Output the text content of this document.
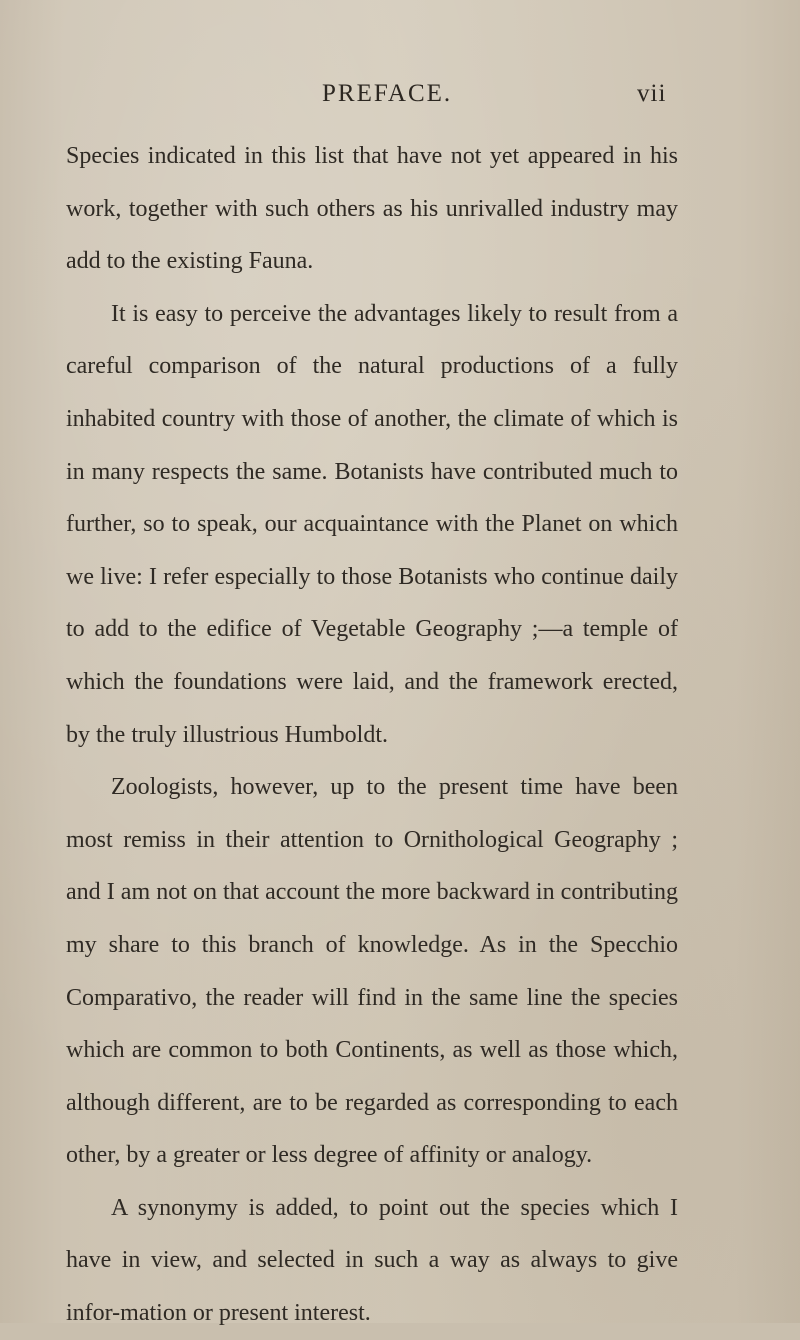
PREFACE.	vii

Species indicated in this list that have not yet appeared in his work, together with such others as his unrivalled industry may add to the existing Fauna.

It is easy to perceive the advantages likely to result from a careful comparison of the natural productions of a fully inhabited country with those of another, the climate of which is in many respects the same. Botanists have contributed much to further, so to speak, our acquaintance with the Planet on which we live: I refer especially to those Botanists who continue daily to add to the edifice of Vegetable Geography ;—a temple of which the foundations were laid, and the framework erected, by the truly illustrious Humboldt.

Zoologists, however, up to the present time have been most remiss in their attention to Ornithological Geography ; and I am not on that account the more backward in contributing my share to this branch of knowledge. As in the Specchio Comparativo, the reader will find in the same line the species which are common to both Continents, as well as those which, although different, are to be regarded as corresponding to each other, by a greater or less degree of affinity or analogy.

A synonymy is added, to point out the species which I have in view, and selected in such a way as always to give infor-mation or present interest.
